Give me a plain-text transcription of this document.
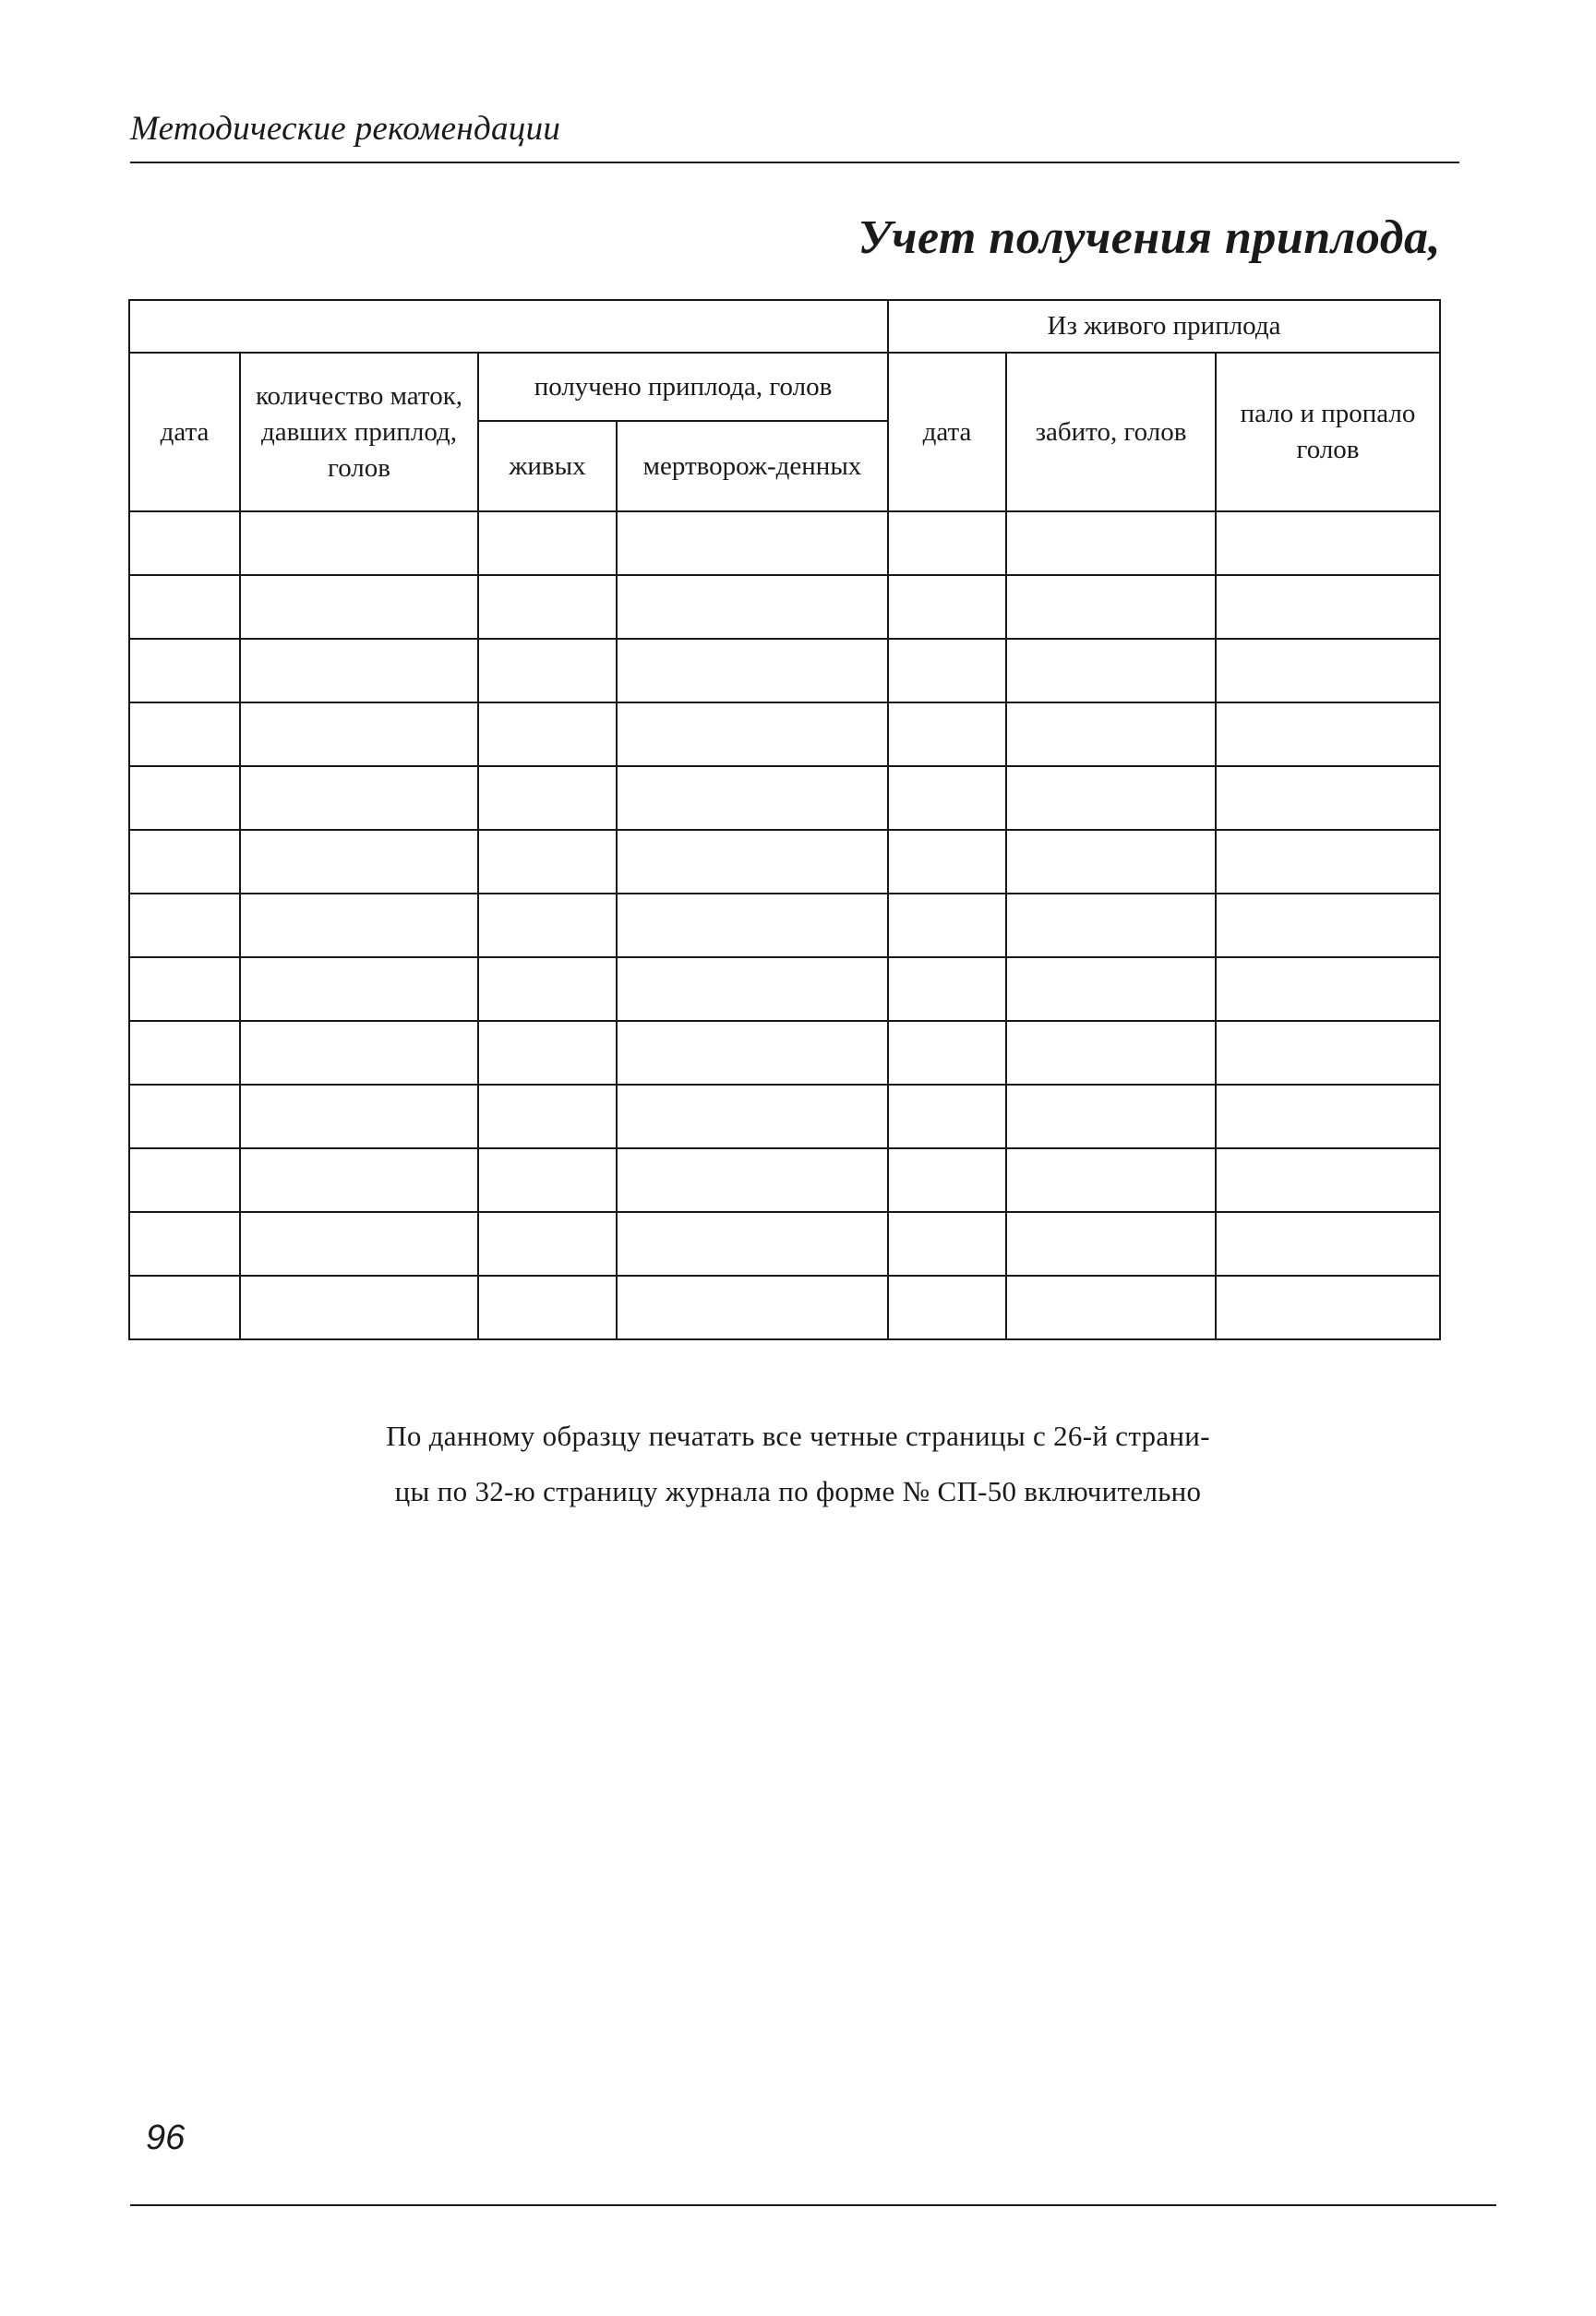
Методические рекомендации
Учет получения приплода,
				Из живого приплода		
дата	количество маток, давших приплод, голов	получено приплода, голов		дата	забито, голов	пало и пропало голов
		живых	мертворож-денных			

По данному образцу печатать все четные страницы с 26-й страни-
цы по 32-ю страницу журнала по форме № СП-50 включительно
96
